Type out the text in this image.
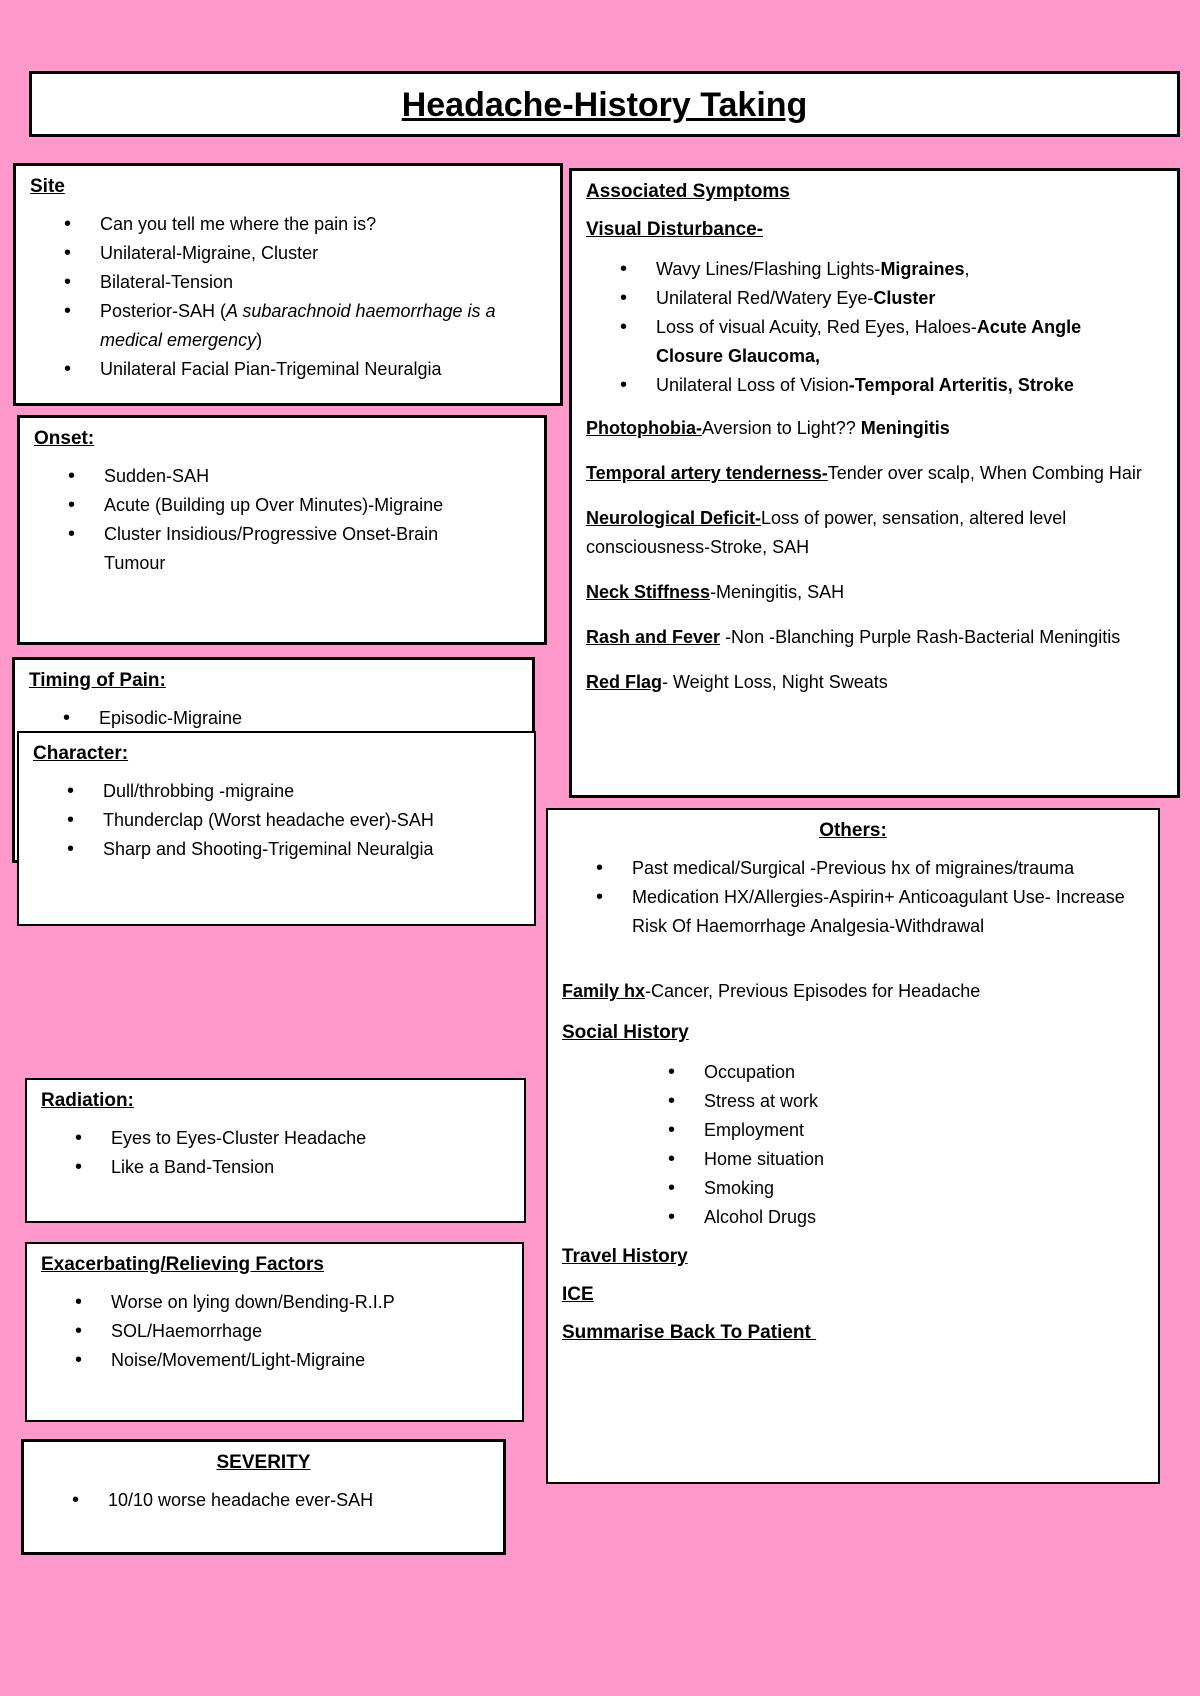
Headache-History Taking
Site
• Can you tell me where the pain is?
• Unilateral-Migraine, Cluster
• Bilateral-Tension
• Posterior-SAH (A subarachnoid haemorrhage is a medical emergency)
• Unilateral Facial Pian-Trigeminal Neuralgia
Onset:
• Sudden-SAH
• Acute (Building up Over Minutes)-Migraine
• Cluster Insidious/Progressive Onset-Brain Tumour
Timing of Pain:
• Episodic-Migraine
Character:
• Dull/throbbing -migraine
• Thunderclap (Worst headache ever)-SAH
• Sharp and Shooting-Trigeminal Neuralgia
Radiation:
• Eyes to Eyes-Cluster Headache
• Like a Band-Tension
Exacerbating/Relieving Factors
• Worse on lying down/Bending-R.I.P
• SOL/Haemorrhage
• Noise/Movement/Light-Migraine
SEVERITY
• 10/10 worse headache ever-SAH
Associated Symptoms
Visual Disturbance-
• Wavy Lines/Flashing Lights-Migraines,
• Unilateral Red/Watery Eye-Cluster
• Loss of visual Acuity, Red Eyes, Haloes-Acute Angle Closure Glaucoma,
• Unilateral Loss of Vision-Temporal Arteritis, Stroke
Photophobia-Aversion to Light?? Meningitis
Temporal artery tenderness-Tender over scalp, When Combing Hair
Neurological Deficit-Loss of power, sensation, altered level consciousness-Stroke, SAH
Neck Stiffness-Meningitis, SAH
Rash and Fever -Non -Blanching Purple Rash-Bacterial Meningitis
Red Flag- Weight Loss, Night Sweats
Others:
• Past medical/Surgical -Previous hx of migraines/trauma
• Medication HX/Allergies-Aspirin+ Anticoagulant Use- Increase Risk Of Haemorrhage Analgesia-Withdrawal
Family hx-Cancer, Previous Episodes for Headache
Social History
• Occupation
• Stress at work
• Employment
• Home situation
• Smoking
• Alcohol Drugs
Travel History
ICE
Summarise Back To Patient
